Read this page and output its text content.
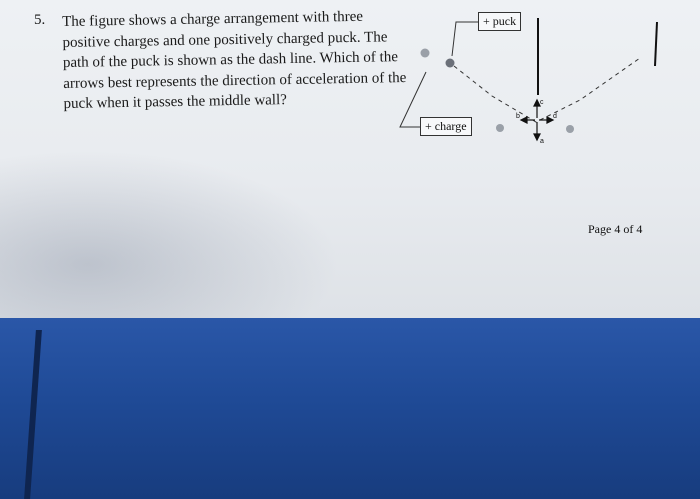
5. The figure shows a charge arrangement with three positive charges and one positively charged puck. The path of the puck is shown as the dash line. Which of the arrows best represents the direction of acceleration of the puck when it passes the middle wall?	c
b	d
a
+ puck
+ charge
Page 4 of 4
